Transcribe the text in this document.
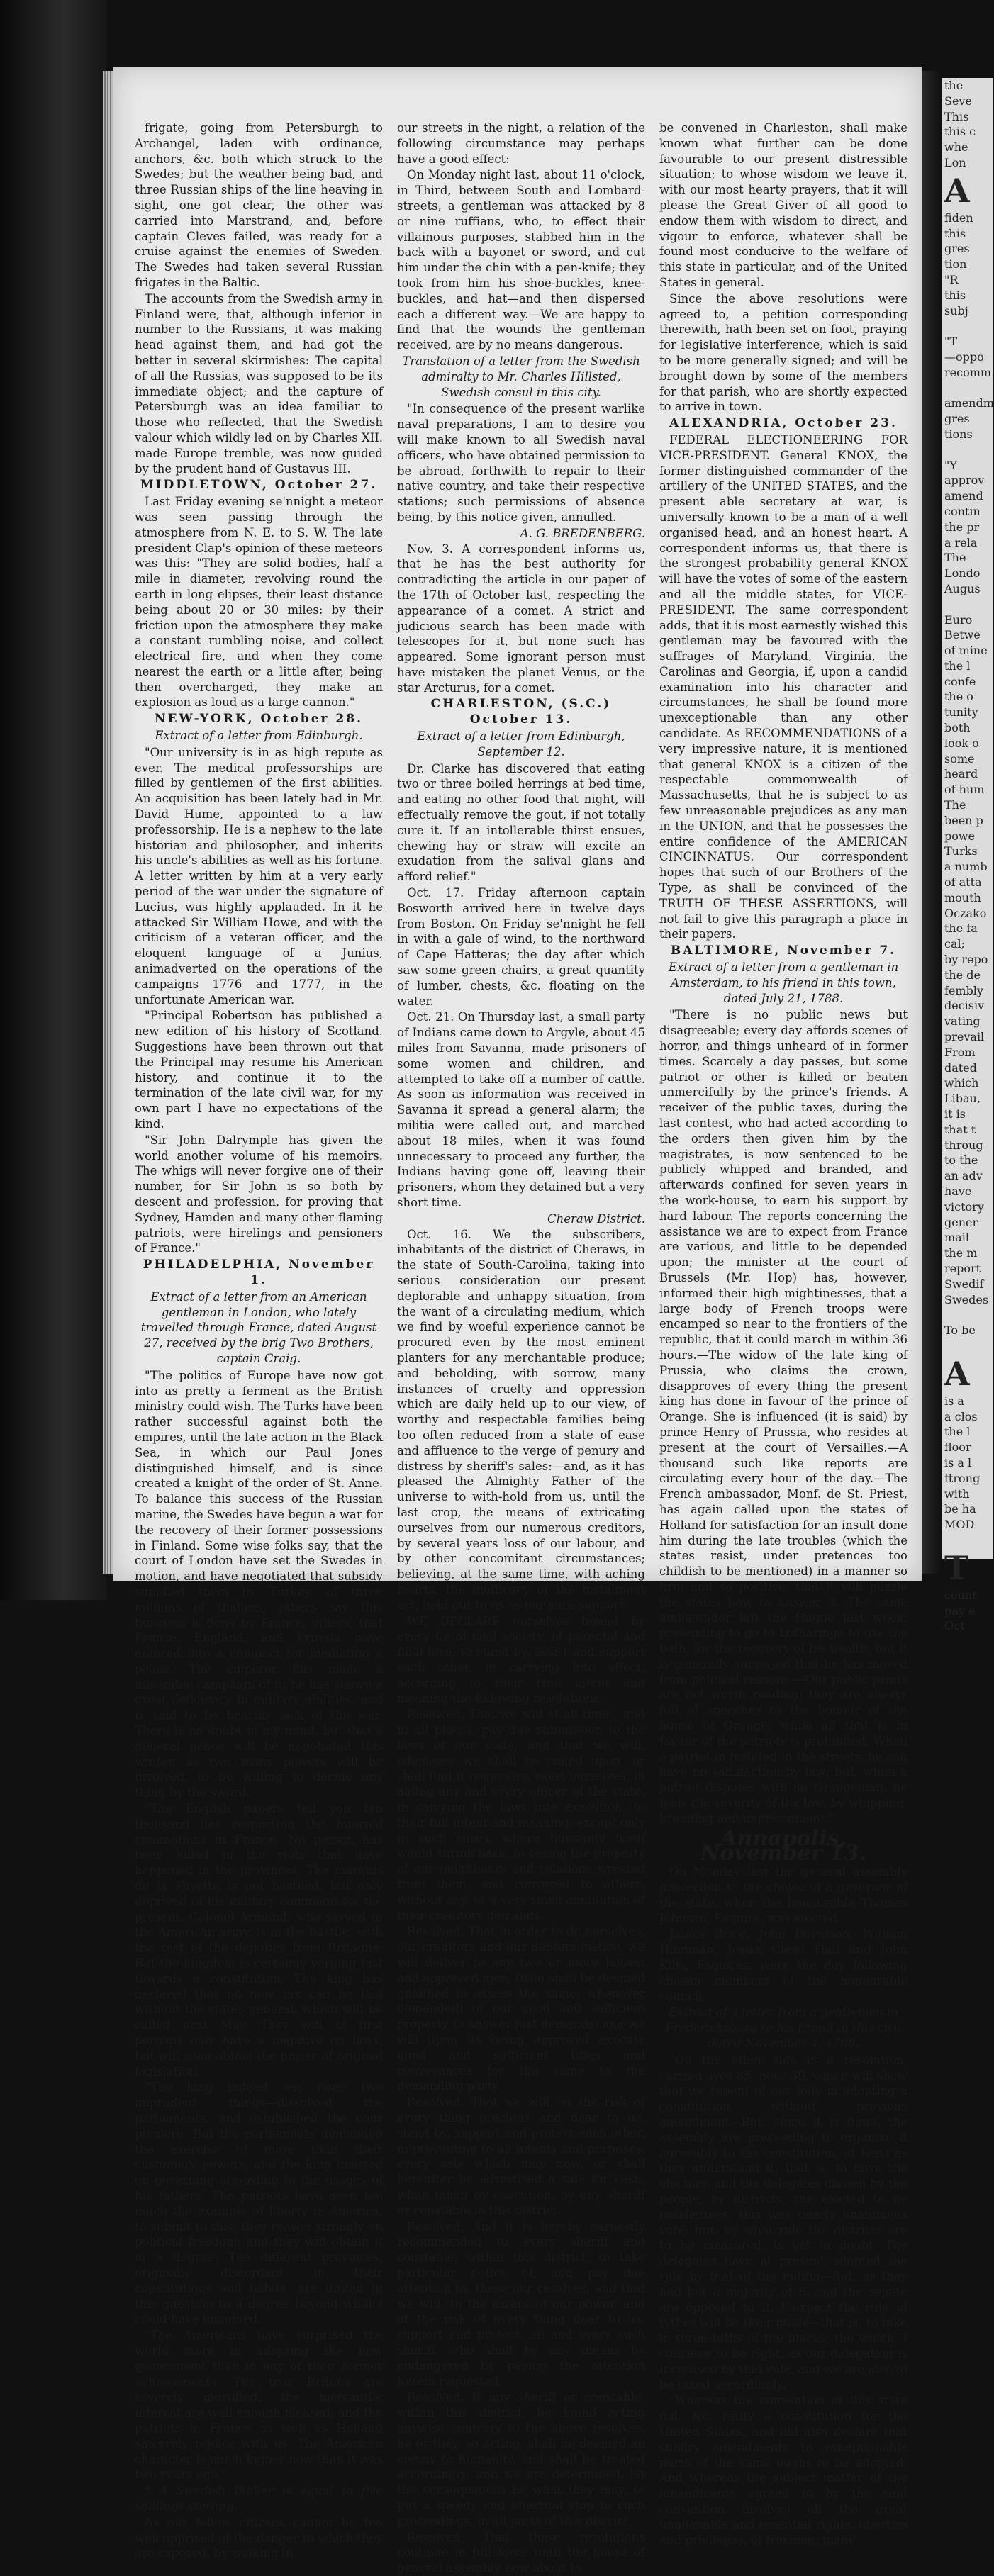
frigate, going from Petersburgh to Archangel, laden with ordinance, anchors, &c. both which struck to the Swedes; but the weather being bad, and three Russian ships of the line heaving in sight, one got clear, the other was carried into Marstrand, and, before captain Cleves failed, was ready for a cruise against the enemies of Sweden. The Swedes had taken several Russian frigates in the Baltic.

The accounts from the Swedish army in Finland were, that, although inferior in number to the Russians, it was making head against them, and had got the better in several skirmishes: The capital of all the Russias, was supposed to be its immediate object; and the capture of Petersburgh was an idea familiar to those who reflected, that the Swedish valour which wildly led on by Charles XII. made Europe tremble, was now guided by the prudent hand of Gustavus III.

MIDDLETOWN, October 27.

Last Friday evening se'nnight a meteor was seen passing through the atmosphere from N. E. to S. W. The late president Clap's opinion of these meteors was this: "They are solid bodies, half a mile in diameter, revolving round the earth in long elipses, their least distance being about 20 or 30 miles: by their friction upon the atmosphere they make a constant rumbling noise, and collect electrical fire, and when they come nearest the earth or a little after, being then overcharged, they make an explosion as loud as a large cannon."

NEW-YORK, October 28.
Extract of a letter from Edinburgh.

"Our university is in as high repute as ever. The medical professorships are filled by gentlemen of the first abilities. An acquisition has been lately had in Mr. David Hume, appointed to a law professorship. He is a nephew to the late historian and philosopher, and inherits his uncle's abilities as well as his fortune. A letter written by him at a very early period of the war under the signature of Lucius, was highly applauded. In it he attacked Sir William Howe, and with the criticism of a veteran officer, and the eloquent language of a Junius, animadverted on the operations of the campaigns 1776 and 1777, in the unfortunate American war.

"Principal Robertson has published a new edition of his history of Scotland. Suggestions have been thrown out that the Principal may resume his American history, and continue it to the termination of the late civil war, for my own part I have no expectations of the kind.

"Sir John Dalrymple has given the world another volume of his memoirs. The whigs will never forgive one of their number, for Sir John is so both by descent and profession, for proving that Sydney, Hamden and many other flaming patriots, were hirelings and pensioners of France."

PHILADELPHIA, November 1.
Extract of a letter from an American gentleman in London, who lately travelled through France, dated August 27, received by the brig Two Brothers, captain Craig.

"The politics of Europe have now got into as pretty a ferment as the British ministry could wish. The Turks have been rather successful against both the empires, until the late action in the Black Sea, in which our Paul Jones distinguished himself, and is since created a knight of the order of St. Anne. To balance this success of the Russian marine, the Swedes have begun a war for the recovery of their former possessions in Finland. Some wise folks say, that the court of London have set the Swedes in motion, and have negotiated that subsidy supplied them by Turkey, of three millions of thallers; others say this business is done by France; others, that France, England, and Prussia have entered into a compact for mediating a peace. The emperor has made a miserable campaign of it; he has shewn a great deficiency in military abilities, and is said to be heartily sick of the war. There is no doubt in my mind, but that a general peace will be negotiated this winter, as two many powers will be involved, to be willing to decide any thing by the sword.

"The English papers tell you ten thousand lies respecting the internal commotions in France. No person has been killed in the riots that have happened in the provinces. The marquis de la Fayette is not bastiled, but only deprived of his military command for the present. Colonel Armand, who served in the American army, is in the bastile, with the rest of the deputies from Britagne. But the kingdom is certainly verging fast towards a constitution. The king has declared that no new tax can be laid without the states general, which will be called next May. They will at first perhaps only have a negative on laws, but will soon obtain the power of original legislation.

"The king indeed has done two imprudent things—dissolved the parliaments, and established the cour pleniere. But the parliaments demanded the exercise of more than their customary powers; and the king insisted on governing according to the usages of his fathers. The patriots have seen too much the example of liberty in America, to submit to this; they reason strongly on political freedom; and they will obtain it in a degree. The different provinces, originally discordant in their constitutions and habits, are united in this question to a degree beyond what I could have imagined.

"The Americans have surprised the world more in adopting the new government than in any of their former achievements. The true Britons are severely mortified; the mercantile interest are well enough pleased; and the patriots in France as well as Holland sincerely rejoice with us. The American character is much higher now than it was two years ago."

* A Swedish thaller is equal to five shillings sterling.

As our fellow citizens cannot be too well apprised of the danger to which they are exposed, by walking in

our streets in the night, a relation of the following circumstance may perhaps have a good effect:

On Monday night last, about 11 o'clock, in Third, between South and Lombard-streets, a gentleman was attacked by 8 or nine ruffians, who, to effect their villainous purposes, stabbed him in the back with a bayonet or sword, and cut him under the chin with a pen-knife; they took from him his shoe-buckles, knee-buckles, and hat—and then dispersed each a different way.—We are happy to find that the wounds the gentleman received, are by no means dangerous.

Translation of a letter from the Swedish admiralty to Mr. Charles Hillsted, Swedish consul in this city.

"In consequence of the present warlike naval preparations, I am to desire you will make known to all Swedish naval officers, who have obtained permission to be abroad, forthwith to repair to their native country, and take their respective stations; such permissions of absence being, by this notice given, annulled.

A. G. BREDENBERG.

Nov. 3. A correspondent informs us, that he has the best authority for contradicting the article in our paper of the 17th of October last, respecting the appearance of a comet. A strict and judicious search has been made with telescopes for it, but none such has appeared. Some ignorant person must have mistaken the planet Venus, or the star Arcturus, for a comet.

CHARLESTON, (S.C.) October 13.
Extract of a letter from Edinburgh, September 12.

Dr. Clarke has discovered that eating two or three boiled herrings at bed time, and eating no other food that night, will effectually remove the gout, if not totally cure it. If an intollerable thirst ensues, chewing hay or straw will excite an exudation from the salival glans and afford relief."

Oct. 17. Friday afternoon captain Bosworth arrived here in twelve days from Boston. On Friday se'nnight he fell in with a gale of wind, to the northward of Cape Hatteras; the day after which saw some green chairs, a great quantity of lumber, chests, &c. floating on the water.

Oct. 21. On Thursday last, a small party of Indians came down to Argyle, about 45 miles from Savanna, made prisoners of some women and children, and attempted to take off a number of cattle. As soon as information was received in Savanna it spread a general alarm; the militia were called out, and marched about 18 miles, when it was found unnecessary to proceed any further, the Indians having gone off, leaving their prisoners, whom they detained but a very short time.

Cheraw District.

Oct. 16. We the subscribers, inhabitants of the district of Cheraws, in the state of South-Carolina, taking into serious consideration our present deplorable and unhappy situation, from the want of a circulating medium, which we find by woeful experience cannot be procured even by the most eminent planters for any merchantable produce; and beholding, with sorrow, many instances of cruelty and oppression which are daily held up to our view, of worthy and respectable families being too often reduced from a state of ease and affluence to the verge of penury and distress by sheriff's sales:—and, as it has pleased the Almighty Father of the universe to with-hold from us, until the last crop, the means of extricating ourselves from our numerous creditors, by several years loss of our labour, and by other concomitant circumstances; believing, at the same time, with aching hearts, the inefficacy of the instalment act, held out to us as our sure support:

WE DECLARE ourselves bound by every tie of civil society, of parental and filial love, to stand by, assist and support each other, in carrying into effect, according to their true intent and meaning the following resolutions:

Resolved, That we will at all times, and in all places, pay due submission to the laws of our state; and that we will, whenever we shall be called upon, or shall find it necessary, exert ourselves, in aiding any and every officer of the state, in carrying the laws into execution, to their full intent and meaning; except only in such cases, where humanity itself would shrink back, in seeing the property of our neighbours and relations wrested from them, and conveyed to others, without any, or a very small diminution of their creditors demands.

Resolved, That in order to do ourselves, our creditors and our debtors justice, we will deliver to any two or more honest and approved men, (who shall be deemed qualified to assess the same, whenever demanded) of our good and sufficient property to answer just demands; and we will upon its being approved execute good and sufficient titles and conveyances for the same to the demanding party.

Resolved, That we will, at the risk of every thing precious and dear to us, stand by, support and protect each other, in preventing to all intents and purposes, every sale which may now, or shall hereafter be advertised a sale for cash, when taken by execution, by any sheriff or constable in this district.

Resolved, And it is hereby earnestly recommended to every sheriff and constable, within this district, to take particular notice of, and pay due attention to, these our resolves; and that we will, to the extent of our power, and at the risk of every thing dear to us, support and protect, all and every such sheriff, who shall by any means be endangered by paying the attention herein requested.

Resolved, If any sheriff or constable, within this district, be found acting anywise contrary to the above resolves, he or they, so acting, shall be deemed an enemy to humanity, and shall be treated accordingly: and we are determined, let the consequences be what they may, to put a speedy and effectual stop to such proceedings, in all parts of this district.

Resolved, That these resolutions continue in full force until the house of general assembly now about to

be convened in Charleston, shall make known what further can be done favourable to our present distressible situation; to whose wisdom we leave it, with our most hearty prayers, that it will please the Great Giver of all good to endow them with wisdom to direct, and vigour to enforce, whatever shall be found most conducive to the welfare of this state in particular, and of the United States in general.

Since the above resolutions were agreed to, a petition corresponding therewith, hath been set on foot, praying for legislative interference, which is said to be more generally signed; and will be brought down by some of the members for that parish, who are shortly expected to arrive in town.

ALEXANDRIA, October 23.

FEDERAL ELECTIONEERING FOR VICE-PRESIDENT. General KNOX, the former distinguished commander of the artillery of the UNITED STATES, and the present able secretary at war, is universally known to be a man of a well organised head, and an honest heart. A correspondent informs us, that there is the strongest probability general KNOX will have the votes of some of the eastern and all the middle states, for VICE-PRESIDENT. The same correspondent adds, that it is most earnestly wished this gentleman may be favoured with the suffrages of Maryland, Virginia, the Carolinas and Georgia, if, upon a candid examination into his character and circumstances, he shall be found more unexceptionable than any other candidate. As RECOMMENDATIONS of a very impressive nature, it is mentioned that general KNOX is a citizen of the respectable commonwealth of Massachusetts, that he is subject to as few unreasonable prejudices as any man in the UNION, and that he possesses the entire confidence of the AMERICAN CINCINNATUS. Our correspondent hopes that such of our Brothers of the Type, as shall be convinced of the TRUTH OF THESE ASSERTIONS, will not fail to give this paragraph a place in their papers.

BALTIMORE, November 7.
Extract of a letter from a gentleman in Amsterdam, to his friend in this town, dated July 21, 1788.

"There is no public news but disagreeable; every day affords scenes of horror, and things unheard of in former times. Scarcely a day passes, but some patriot or other is killed or beaten unmercifully by the prince's friends. A receiver of the public taxes, during the last contest, who had acted according to the orders then given him by the magistrates, is now sentenced to be publicly whipped and branded, and afterwards confined for seven years in the work-house, to earn his support by hard labour. The reports concerning the assistance we are to expect from France are various, and little to be depended upon; the minister at the court of Brussels (Mr. Hop) has, however, informed their high mightinesses, that a large body of French troops were encamped so near to the frontiers of the republic, that it could march in within 36 hours.—The widow of the late king of Prussia, who claims the crown, disapproves of every thing the present king has done in favour of the prince of Orange. She is influenced (it is said) by prince Henry of Prussia, who resides at present at the court of Versailles.—A thousand such like reports are circulating every hour of the day.—The French ambassador, Monf. de St. Priest, has again called upon the states of Holland for satisfaction for an insult done him during the late troubles (which the states resist, under pretences too childish to be mentioned) in a manner so firm and so positive, that it will puzzle the states how to answer it. The same ambassador left the Hague last week, pretending to go to Lotharinge to use the bath, for the recovery of his health; but it is generally supposed that he has moved from political reasons.—Our public prints are not worth reading; they are always full of speeches to the honour of the house of Orange; while all that is in favour of the patriots is prohibited. When a patriot in insulted in the streets, he can have no satisfaction by law; but, when a patriot disputes with an Orangeman, he feels the severity of the law, by whipping, branding and imprisonment."

Annapolis, November 13.

On Monday last the general assembly proceeded to the choice of a governor of the state, when the honourable Thomas Johnson, Esquire, was elected.

James Brice, John Davidson, William Hindman, Josias Clewl Hall and John Kilty, Esquires, were the day following chosen members of the honourable council.

Extract of a letter from a gentlemen in Fredericksburg to his friend in this city, dated November 4, 1788.

"On the other side is a resolution, carried ayes 85, noes 39, which will shew that we repent of our folly in adopting a constitution without previous amendment—But, since it is done, the assembly are proceeding to organize it agreeably to the constitution, at least as they understand it, that is, to have the electors, and the delegates chosen by the people, by districts, the elected to be residentees; this was nearly unanimous vote; but, by what rule the districts are to be measured, is yet in doubt—The delegates have at present adopted the rule by that of the militia—But, as they had but a majority of 6, and the senate are opposed to it, I expect the rule of tythes will be their guide—that is, to take in three fifths of the blacks, the which, I conceive to be right, as our delegation is increased by that rule, and we are also to be taxed accordingly.

"Whereas the convention of this state did, &c. ratify a constitution for the United States, and did also declare that sundry amendments to exceptionable parts of the same ought to be adopted: And whereas the subject matter of the amendments agreed to by the said convention involves all the great unalienable and essential rights, liberties and privileges, of freemen, many

the
Seve
This
this c
whe
Lon
A
fiden
this
gres
tion
"R
this
subj

"T
—oppo
recomm

amendm
gres
tions

"Y
approv
amend
contin
the pr
a rela
The
Londo
Augus

Euro
Betwe
of mine
the l
confe
the o
tunity
both
look o
some
heard
of hum
The
been p
powe
Turks
a numb
of atta
mouth
Oczako
the fa
cal;
by repo
the de
fembly
decisiv
vating
prevail
From
dated
which
Libau,
it is
that t
throug
to the
an adv
have
victory
gener
mail
the m
report
Swedif
Swedes

To be

A
is a
a clos
the l
floor
is a l
ftrong
with
be ha
MOD

T
count
pay e
Oct
